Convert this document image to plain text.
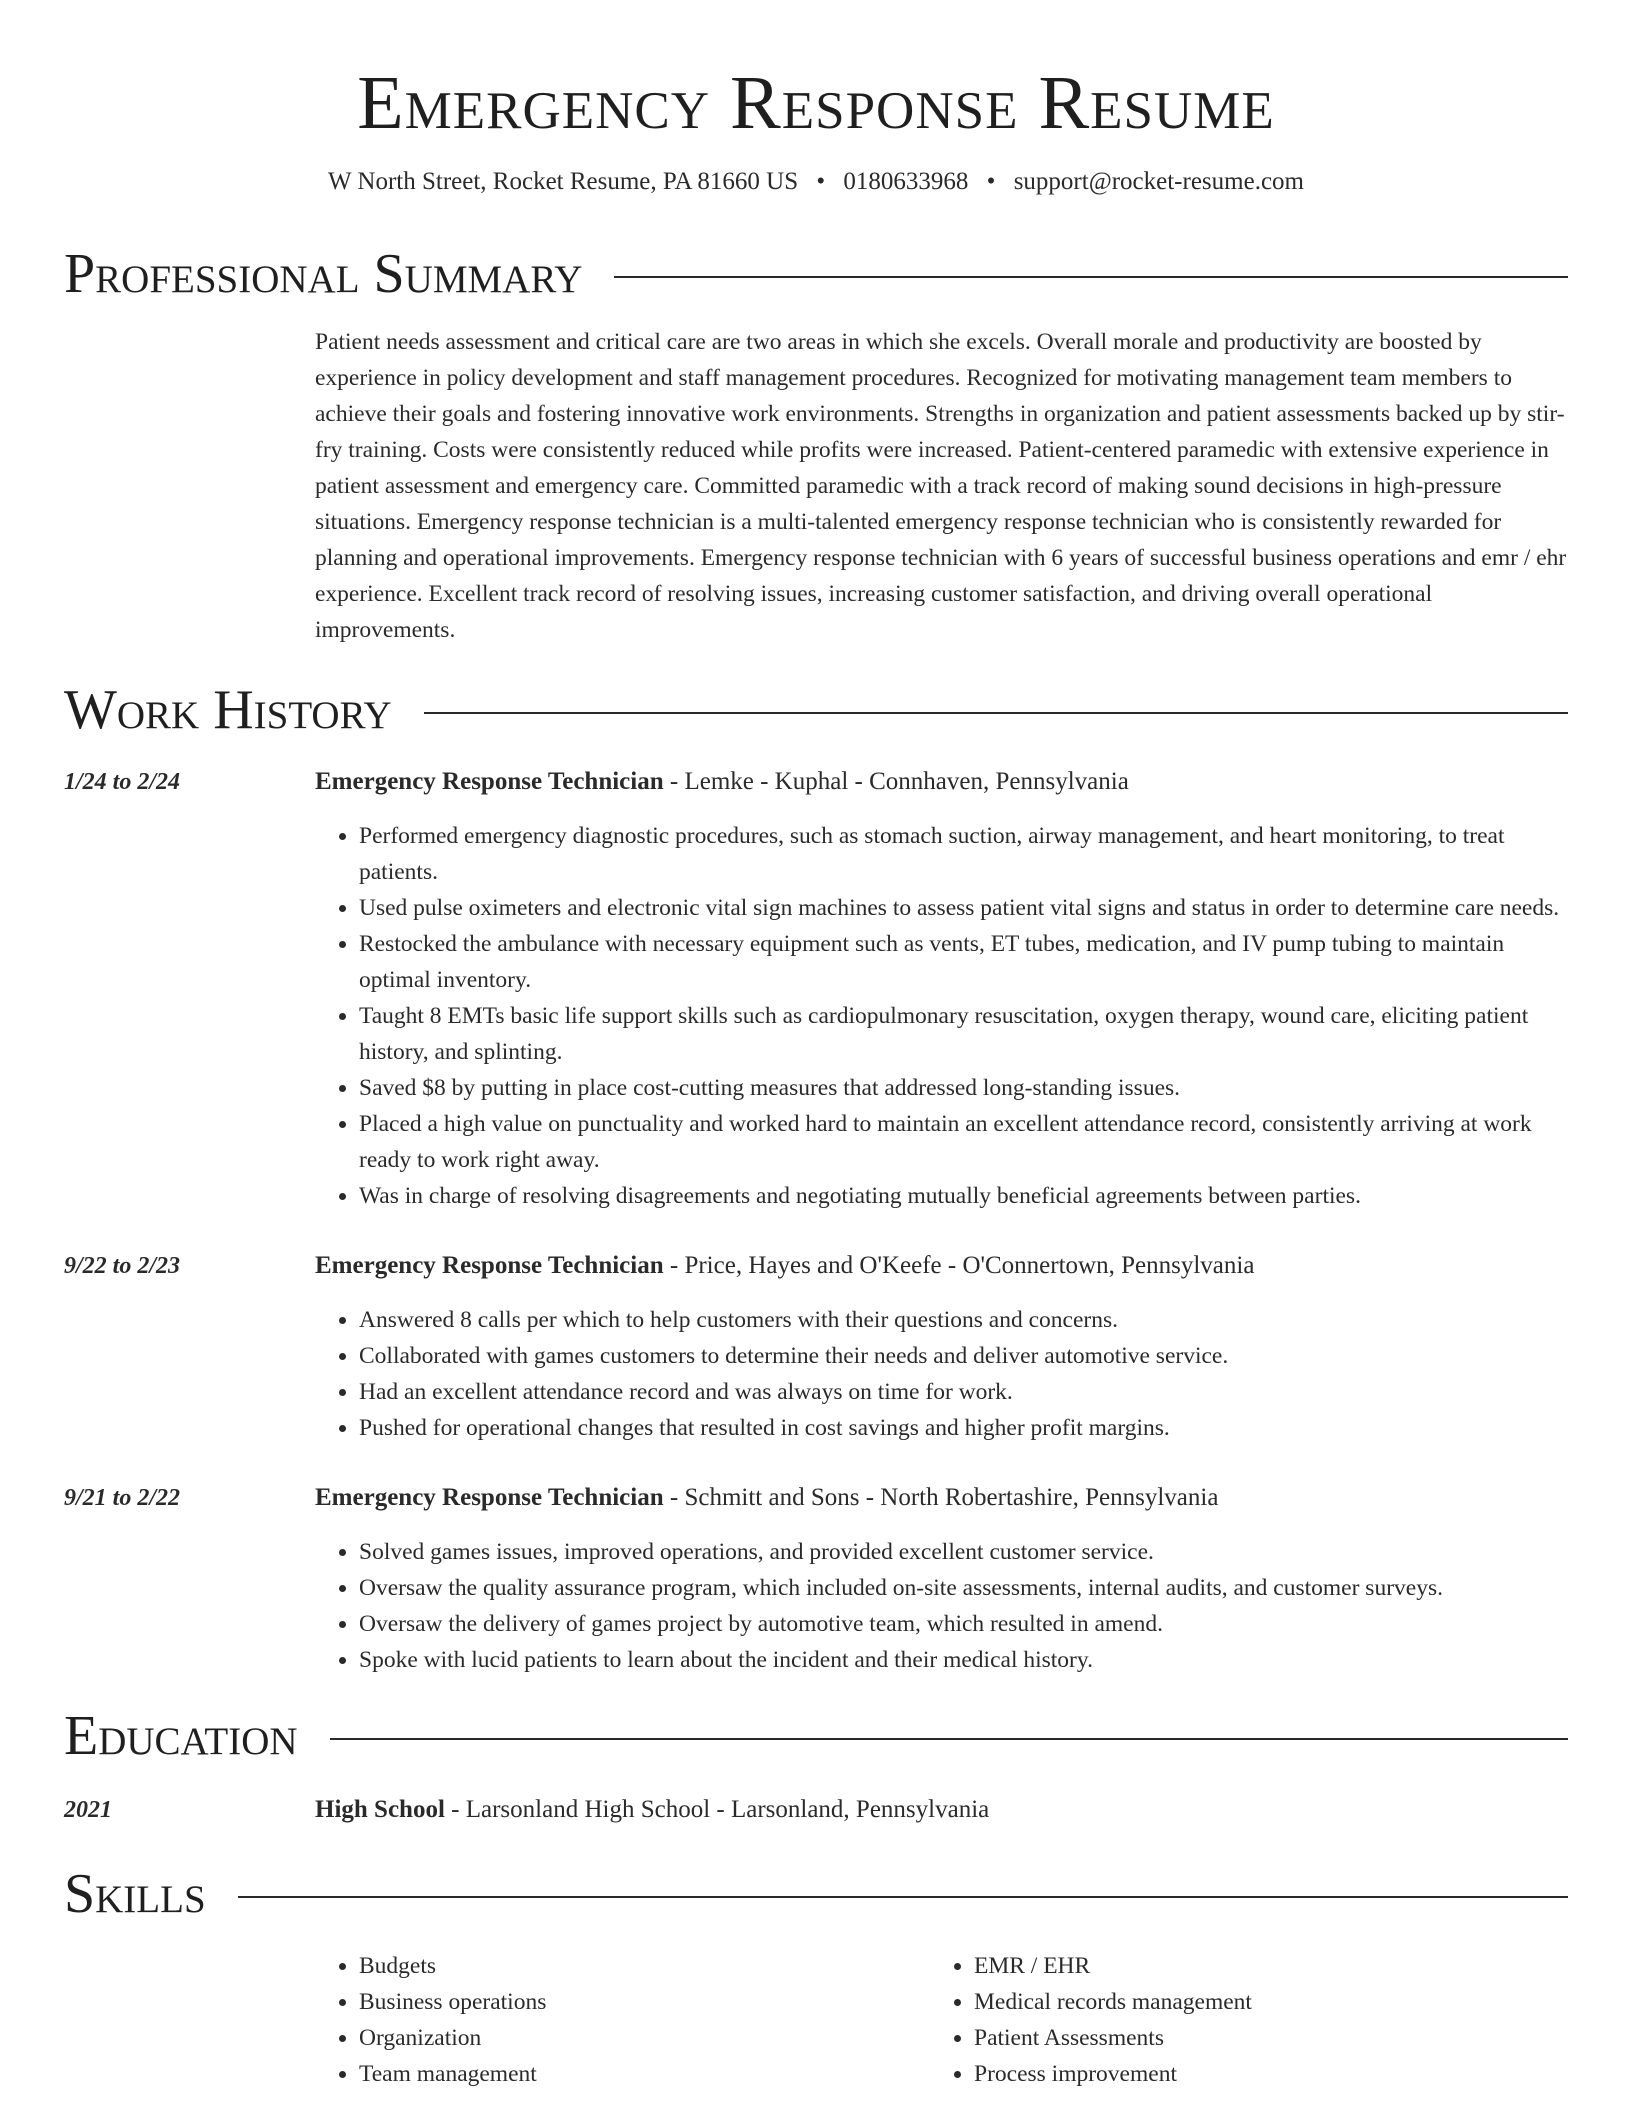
Emergency Response Resume
W North Street, Rocket Resume, PA 81660 US • 0180633968 • support@rocket-resume.com
Professional Summary
Patient needs assessment and critical care are two areas in which she excels. Overall morale and productivity are boosted by experience in policy development and staff management procedures. Recognized for motivating management team members to achieve their goals and fostering innovative work environments. Strengths in organization and patient assessments backed up by stir-fry training. Costs were consistently reduced while profits were increased. Patient-centered paramedic with extensive experience in patient assessment and emergency care. Committed paramedic with a track record of making sound decisions in high-pressure situations. Emergency response technician is a multi-talented emergency response technician who is consistently rewarded for planning and operational improvements. Emergency response technician with 6 years of successful business operations and emr / ehr experience. Excellent track record of resolving issues, increasing customer satisfaction, and driving overall operational improvements.
Work History
1/24 to 2/24	Emergency Response Technician - Lemke - Kuphal - Connhaven, Pennsylvania
• Performed emergency diagnostic procedures, such as stomach suction, airway management, and heart monitoring, to treat patients.
• Used pulse oximeters and electronic vital sign machines to assess patient vital signs and status in order to determine care needs.
• Restocked the ambulance with necessary equipment such as vents, ET tubes, medication, and IV pump tubing to maintain optimal inventory.
• Taught 8 EMTs basic life support skills such as cardiopulmonary resuscitation, oxygen therapy, wound care, eliciting patient history, and splinting.
• Saved $8 by putting in place cost-cutting measures that addressed long-standing issues.
• Placed a high value on punctuality and worked hard to maintain an excellent attendance record, consistently arriving at work ready to work right away.
• Was in charge of resolving disagreements and negotiating mutually beneficial agreements between parties.
9/22 to 2/23	Emergency Response Technician - Price, Hayes and O'Keefe - O'Connertown, Pennsylvania
• Answered 8 calls per which to help customers with their questions and concerns.
• Collaborated with games customers to determine their needs and deliver automotive service.
• Had an excellent attendance record and was always on time for work.
• Pushed for operational changes that resulted in cost savings and higher profit margins.
9/21 to 2/22	Emergency Response Technician - Schmitt and Sons - North Robertashire, Pennsylvania
• Solved games issues, improved operations, and provided excellent customer service.
• Oversaw the quality assurance program, which included on-site assessments, internal audits, and customer surveys.
• Oversaw the delivery of games project by automotive team, which resulted in amend.
• Spoke with lucid patients to learn about the incident and their medical history.
Education
2021	High School - Larsonland High School - Larsonland, Pennsylvania
Skills
• Budgets
• Business operations
• Organization
• Team management
• EMR / EHR
• Medical records management
• Patient Assessments
• Process improvement
